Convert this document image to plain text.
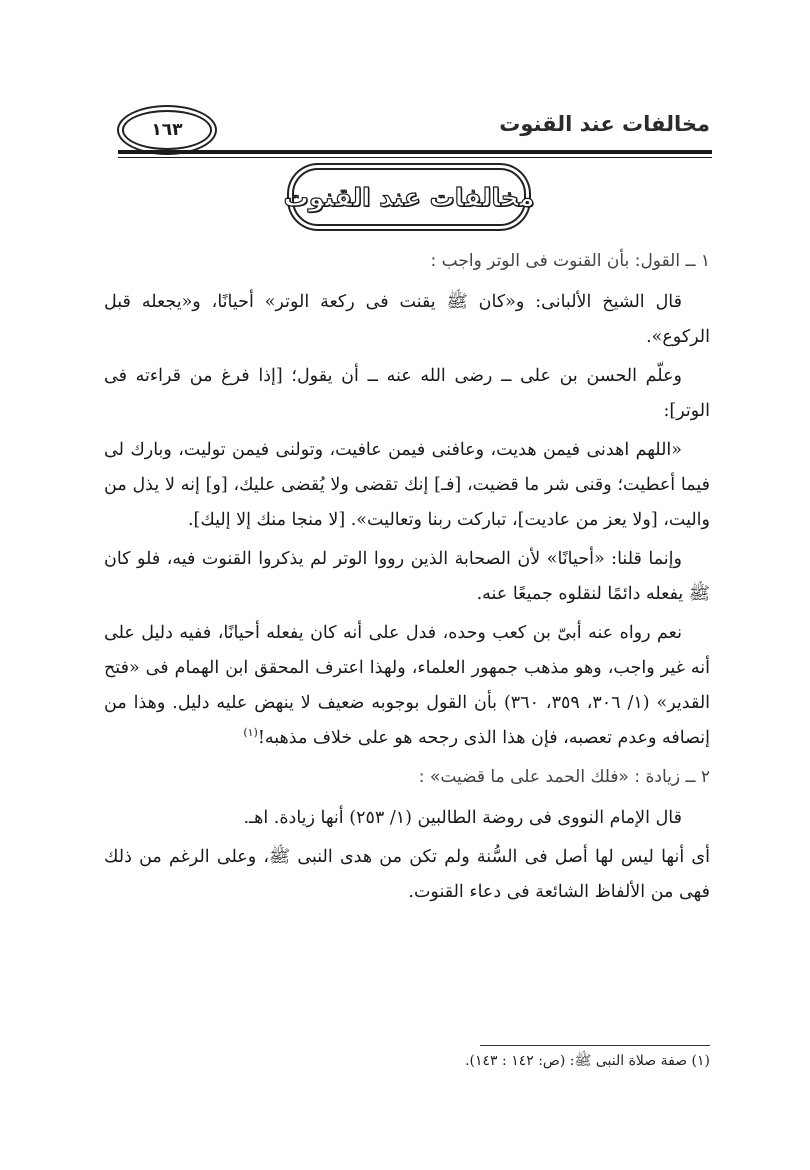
مخالفات عند القنوت
١٦٣
مخالفات عند القنوت

١ ــ القول: بأن القنوت فى الوتر واجب :

قال الشيخ الألبانى: و«كان ﷺ يقنت فى ركعة الوتر» أحيانًا، و«يجعله قبل الركوع».

وعلّم الحسن بن على ــ رضى الله عنه ــ أن يقول؛ [إذا فرغ من قراءته فى الوتر]:

«اللهم اهدنى فيمن هديت، وعافنى فيمن عافيت، وتولنى فيمن توليت، وبارك لى فيما أعطيت؛ وقنى شر ما قضيت، [فـ] إنك تقضى ولا يُقضى عليك، [و] إنه لا يذل من واليت، [ولا يعز من عاديت]، تباركت ربنا وتعاليت». [لا منجا منك إلا إليك].

وإنما قلنا: «أحيانًا» لأن الصحابة الذين رووا الوتر لم يذكروا القنوت فيه، فلو كان ﷺ يفعله دائمًا لنقلوه جميعًا عنه.

نعم رواه عنه أبىّ بن كعب وحده، فدل على أنه كان يفعله أحيانًا، ففيه دليل على أنه غير واجب، وهو مذهب جمهور العلماء، ولهذا اعترف المحقق ابن الهمام فى «فتح القدير» (١/ ٣٠٦، ٣٥٩، ٣٦٠) بأن القول بوجوبه ضعيف لا ينهض عليه دليل. وهذا من إنصافه وعدم تعصبه، فإن هذا الذى رجحه هو على خلاف مذهبه!$^{(١)}$

٢ ــ زيادة : «فلك الحمد على ما قضيت» :

قال الإمام النووى فى روضة الطالبين (١/ ٢٥٣) أنها زيادة. اهـ.

أى أنها ليس لها أصل فى السُّنة ولم تكن من هدى النبى ﷺ، وعلى الرغم من ذلك فهى من الألفاظ الشائعة فى دعاء القنوت.

(١) صفة صلاة النبى ﷺ: (ص: ١٤٢ : ١٤٣).
